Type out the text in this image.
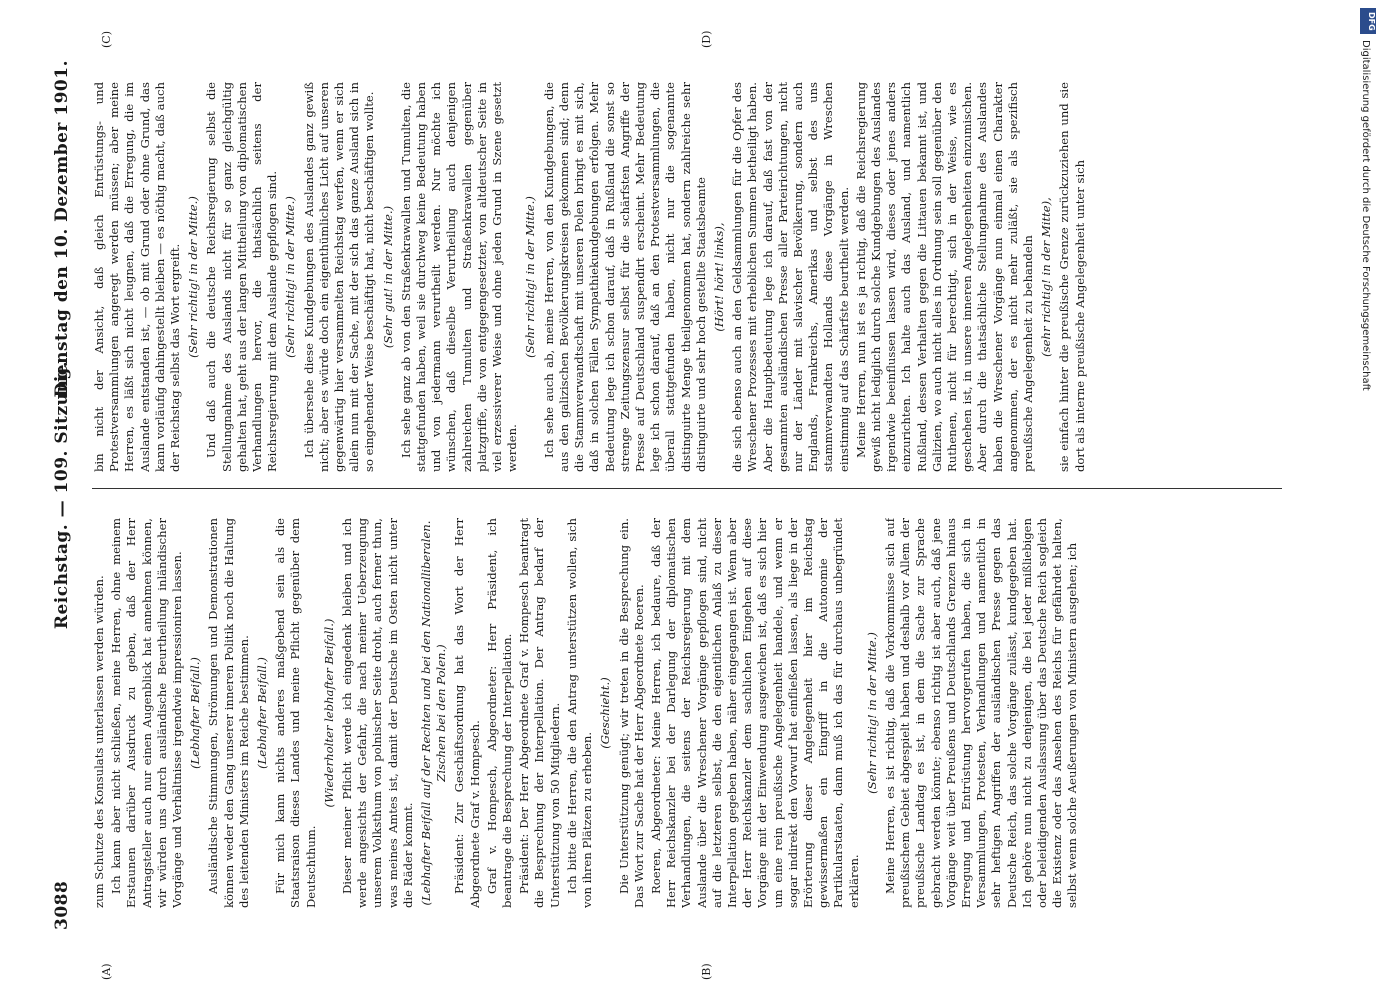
3088
Reichstag. — 109. Sitzung.
Dienstag den 10. Dezember 1901.
(A)	(B)
(C)	(D)

zum Schutze des Konsulats unterlassen werden würden. Ich kann aber nicht schließen, meine Herren, ohne meinem Erstaunen darüber Ausdruck zu geben, daß der Herr Antragsteller auch nur einen Augenblick hat annehmen können, wir würden uns durch ausländische Beurtheilung inländischer Vorgänge und Verhältnisse irgendwie impressioniren lassen. (Lebhafter Beifall.) Ausländische Stimmungen, Strömungen und Demonstrationen können weder den Gang unserer inneren Politik noch die Haltung des leitenden Ministers im Reiche bestimmen. (Lebhafter Beifall.) Für mich kann nichts anderes maßgebend sein als die Staatsraison dieses Landes und meine Pflicht gegenüber dem Deutschthum.

(Wiederholter lebhafter Beifall.) Dieser meiner Pflicht werde ich eingedenk bleiben und ich werde angesichts der Gefahr, die nach meiner Ueberzeugung unserem Volksthum von polnischer Seite droht, auch ferner thun, was meines Amtes ist, damit der Deutsche im Osten nicht unter die Räder kommt. (Lebhafter Beifall auf der Rechten und bei den Nationalliberalen. Zischen bei den Polen.) Präsident: Zur Geschäftsordnung hat das Wort der Herr Abgeordnete Graf v. Hompesch. Graf v. Hompesch, Abgeordneter: Herr Präsident, ich beantrage die Besprechung der Interpellation. Präsident: Der Herr Abgeordnete Graf v. Hompesch beantragt die Besprechung der Interpellation. Der Antrag bedarf der Unterstützung von 50 Mitgliedern. Ich bitte die Herren, die den Antrag unterstützen wollen, sich von ihren Plätzen zu erheben.

(Geschieht.) Die Unterstützung genügt; wir treten in die Besprechung ein. Das Wort zur Sache hat der Herr Abgeordnete Roeren. Roeren, Abgeordneter: Meine Herren, ich bedaure, daß der Herr Reichskanzler bei der Darlegung der diplomatischen Verhandlungen, die seitens der Reichsregierung mit dem Auslande über die Wreschener Vorgänge gepflogen sind, nicht auf die letzteren selbst, die den eigentlichen Anlaß zu dieser Interpellation gegeben haben, näher eingegangen ist. Wenn aber der Herr Reichskanzler dem sachlichen Eingehen auf diese Vorgänge mit der Einwendung ausgewichen ist, daß es sich hier um eine rein preußische Angelegenheit handele, und wenn er sogar indirekt den Vorwurf hat einfließen lassen, als liege in der Erörterung dieser Angelegenheit hier im Reichstag gewissermaßen ein Eingriff in die Autonomie der Partikularstaaten, dann muß ich das für durchaus unbegründet erklären.

(Sehr richtig! in der Mitte.) Meine Herren, es ist richtig, daß die Vorkommnisse sich auf preußischem Gebiet abgespielt haben und deshalb vor Allem der preußische Landtag es ist, in dem die Sache zur Sprache gebracht werden könnte; ebenso richtig ist aber auch, daß jene Vorgänge weit über Preußens und Deutschlands Grenzen hinaus Erregung und Entrüstung hervorgerufen haben, die sich in Versammlungen, Protesten, Verhandlungen und namentlich in sehr heftigen Angriffen der ausländischen Presse gegen das Deutsche Reich, das solche Vorgänge zulässt, kundgegeben hat. Ich gehöre nun nicht zu denjenigen, die bei jeder mißliebigen oder beleidigenden Auslassung über das Deutsche Reich sogleich die Existenz oder das Ansehen des Reichs für gefährdet halten, selbst wenn solche Aeußerungen von Ministern ausgehen; ich

bin nicht der Ansicht, daß gleich Entrüstungs- und Protestversammlungen angeregt werden müssen; aber meine Herren, es läßt sich nicht leugnen, daß die Erregung, die im Auslande entstanden ist, — ob mit Grund oder ohne Grund, das kann vorläufig dahingestellt bleiben — es nöthig macht, daß auch der Reichstag selbst das Wort ergreift. (Sehr richtig! in der Mitte.) Und daß auch die deutsche Reichsregierung selbst die Stellungnahme des Auslands nicht für so ganz gleichgültig gehalten hat, geht aus der langen Mittheilung von diplomatischen Verhandlungen hervor, die thatsächlich seitens der Reichsregierung mit dem Auslande gepflogen sind. (Sehr richtig! in der Mitte.) Ich übersehe diese Kundgebungen des Auslandes ganz gewiß nicht; aber es würde doch ein eigenthümliches Licht auf unseren gegenwärtig hier versammelten Reichstag werfen, wenn er sich allein nun mit der Sache, mit der sich das ganze Ausland sich in so eingehender Weise beschäftigt hat, nicht beschäftigen wollte. (Sehr gut! in der Mitte.) Ich sehe ganz ab von den Straßenkrawallen und Tumulten, die stattgefunden haben, weil sie durchweg keine Bedeutung haben und von jedermann verurtheilt werden. Nur möchte ich wünschen, daß dieselbe Verurtheilung auch denjenigen zahlreichen Tumulten und Straßenkrawallen gegenüber platzgriffe, die von entgegengesetzter, von altdeutscher Seite in viel erzessiverer Weise und ohne jeden Grund in Szene gesetzt werden.

(Sehr richtig! in der Mitte.) Ich sehe auch ab, meine Herren, von den Kundgebungen, die aus den galizischen Bevölkerungskreisen gekommen sind; denn die Stammverwandtschaft mit unseren Polen bringt es mit sich, daß in solchen Fällen Sympathiekundgebungen erfolgen. Mehr Bedeutung lege ich schon darauf, daß in Rußland die sonst so strenge Zeitungszensur selbst für die schärfsten Angriffe der Presse auf Deutschland suspendirt erscheint. Mehr Bedeutung lege ich schon darauf, daß an den Protestversammlungen, die überall stattgefunden haben, nicht nur die sogenannte distinguirte Menge theilgenommen hat, sondern zahlreiche sehr distinguirte und sehr hoch gestellte Staatsbeamte (Hört! hört! links), die sich ebenso auch an den Geldsammlungen für die Opfer des Wreschener Prozesses mit erheblichen Summen betheiligt haben. Aber die Hauptbedeutung lege ich darauf, daß fast von der gesammten ausländischen Presse aller Parteirichtungen, nicht nur der Länder mit slavischer Bevölkerung, sondern auch Englands, Frankreichs, Amerikas und selbst des uns stammverwandten Hollands diese Vorgänge in Wreschen einstimmig auf das Schärfste beurtheilt werden. Meine Herren, nun ist es ja richtig, daß die Reichsregierung gewiß nicht lediglich durch solche Kundgebungen des Auslandes irgendwie beeinflussen lassen wird, dieses oder jenes anders einzurichten. Ich halte auch das Ausland, und namentlich Rußland, dessen Verhalten gegen die Littauen bekannt ist, und Galizien, wo auch nicht alles in Ordnung sein soll gegenüber den Ruthenen, nicht für berechtigt, sich in der Weise, wie es geschehen ist, in unsere inneren Angelegenheiten einzumischen. Aber durch die thatsächliche Stellungnahme des Auslandes haben die Wreschener Vorgänge nun einmal einen Charakter angenommen, der es nicht mehr zuläßt, sie als spezifisch preußische Angelegenheit zu behandeln (sehr richtig! in der Mitte), sie einfach hinter die preußische Grenze zurückzuziehen und sie dort als interne preußische Angelegenheit unter sich

DFG
Digitalisierung gefördert durch die Deutsche Forschungsgemeinschaft
